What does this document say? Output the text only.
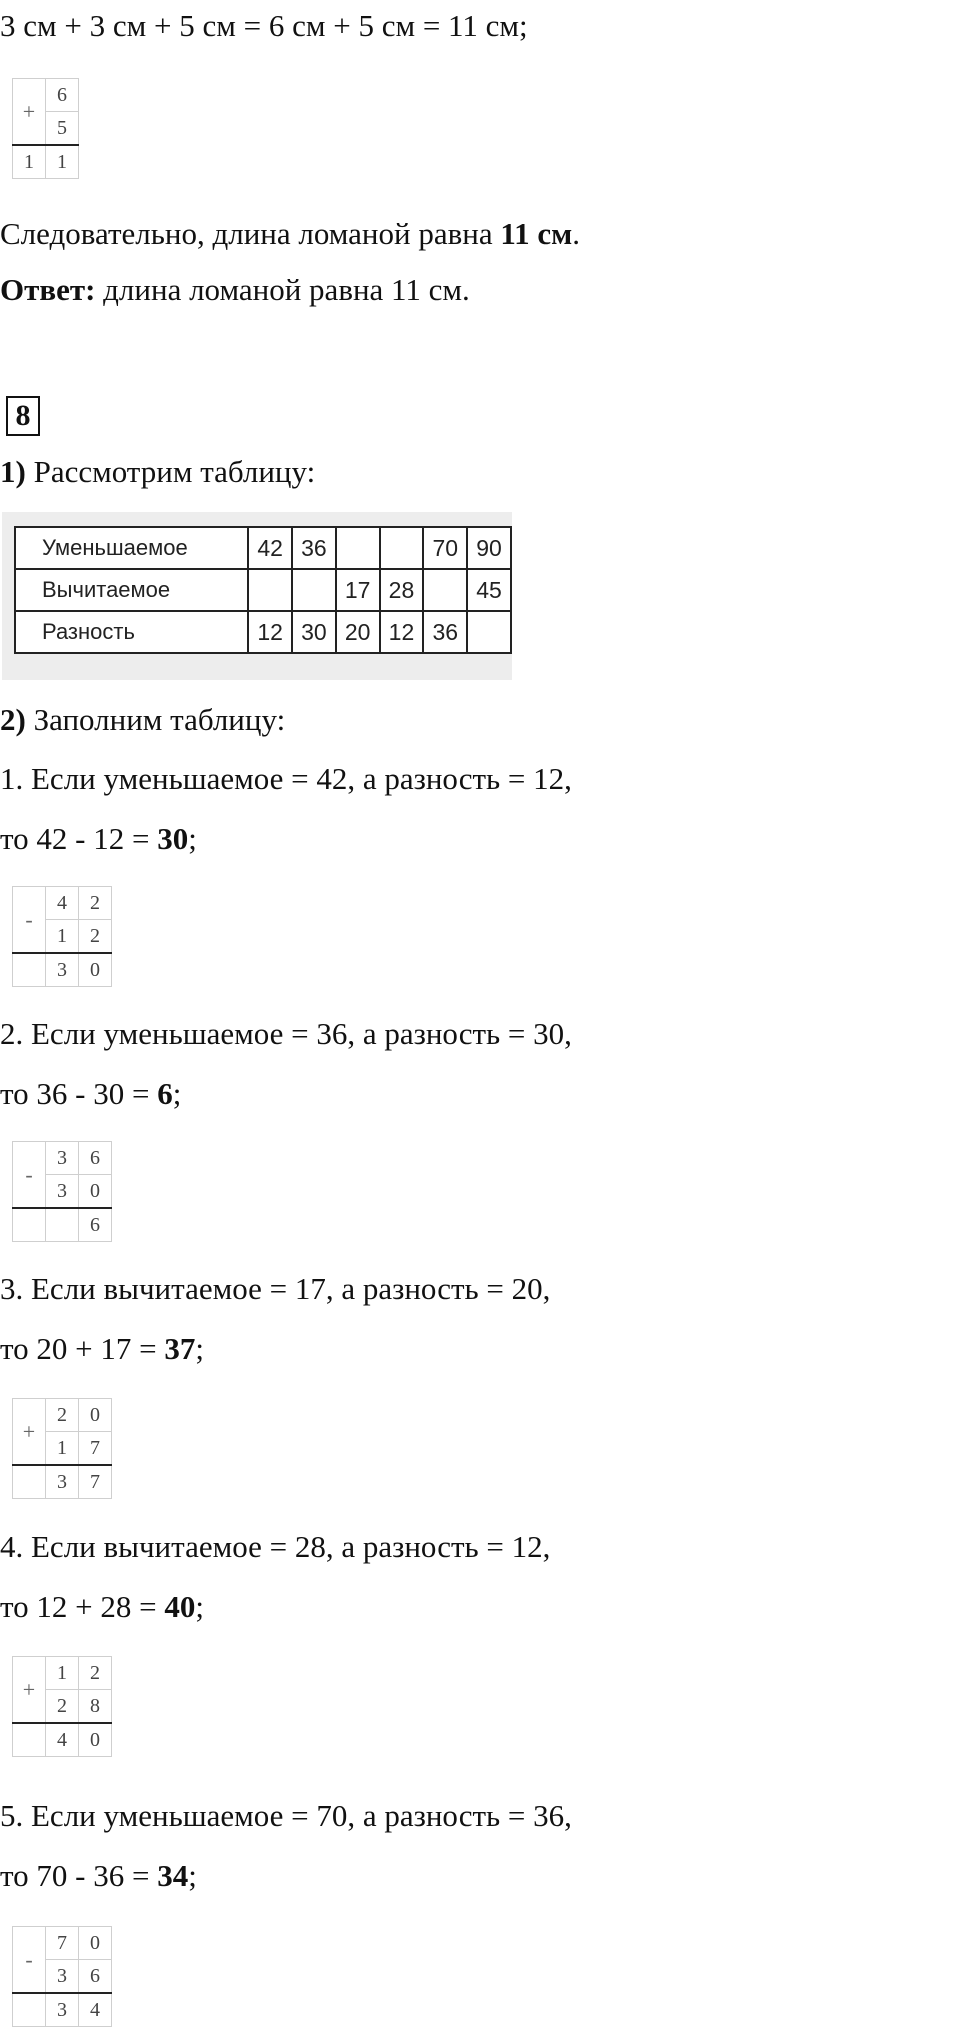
3 см + 3 см + 5 см = 6 см + 5 см = 11 см;
+	6
	5
1	1
Следовательно, длина ломаной равна 11 см.
Ответ: длина ломаной равна 11 см.
8
1) Рассмотрим таблицу:
Уменьшаемое	42	36			70	90
Вычитаемое			17	28		45
Разность	12	30	20	12	36	
2) Заполним таблицу:
1. Если уменьшаемое = 42, а разность = 12,
то 42 - 12 = 30;
-	4	2
	1	2
	3	0
2. Если уменьшаемое = 36, а разность = 30,
то 36 - 30 = 6;
-	3	6
	3	0
		6
3. Если вычитаемое = 17, а разность = 20,
то 20 + 17 = 37;
+	2	0
	1	7
	3	7
4. Если вычитаемое = 28, а разность = 12,
то 12 + 28 = 40;
+	1	2
	2	8
	4	0
5. Если уменьшаемое = 70, а разность = 36,
то 70 - 36 = 34;
-	7	0
	3	6
	3	4
